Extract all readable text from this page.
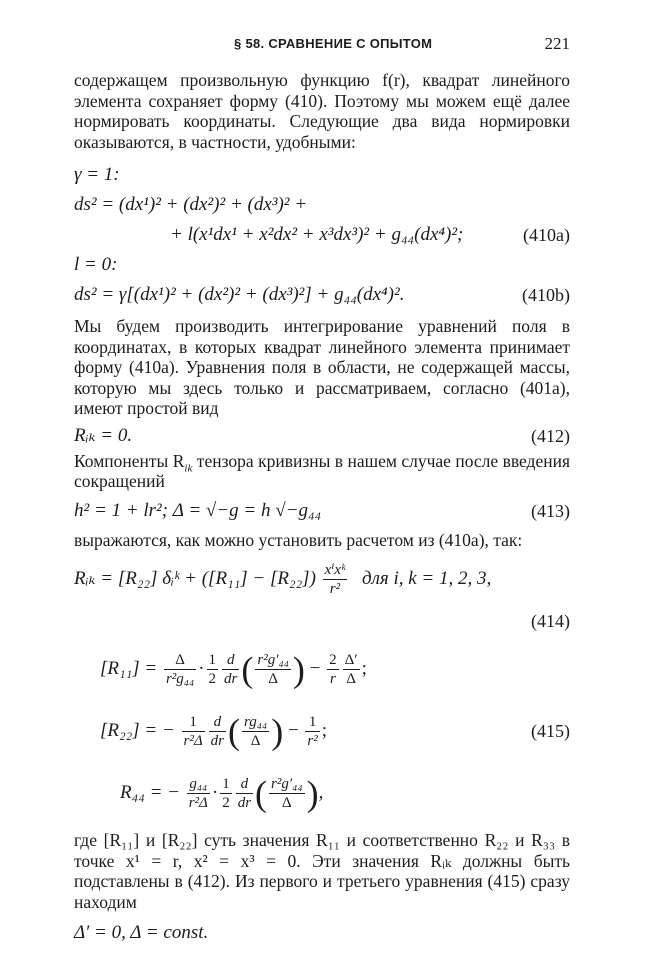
§ 58. СРАВНЕНИЕ С ОПЫТОМ	221

содержащем произвольную функцию f(r), квадрат линейного элемента сохраняет форму (410). Поэтому мы можем ещё далее нормировать координаты. Следующие два вида нормировки оказываются, в частности, удобными:

γ = 1:
ds² = (dx¹)² + (dx²)² + (dx³)² +
+ l(x¹dx¹ + x²dx² + x³dx³)² + g₄₄(dx⁴)²;	(410a)
l = 0:
ds² = γ[(dx¹)² + (dx²)² + (dx³)²] + g₄₄(dx⁴)².	(410b)

Мы будем производить интегрирование уравнений поля в координатах, в которых квадрат линейного элемента принимает форму (410a). Уравнения поля в области, не содержащей массы, которую мы здесь только и рассматриваем, согласно (401a), имеют простой вид

Rᵢₖ = 0.	(412)

Компоненты $R_{ik}$ тензора кривизны в нашем случае после введения сокращений

h² = 1 + lr²; Δ = √−g = h √−g₄₄	(413)

выражаются, как можно установить расчетом из (410a), так:

Rᵢₖ = [R₂₂] δᵢᵏ + $([R_{11}] - [R_{22}]) \frac{\text{xⁱxᵏ}}{\text{r²}}$ для i, k = 1, 2, 3,
(414)
$[R_{11}] = \frac{\Delta}{\text{r²g₄₄}} \cdot \frac{1}{2} \frac{d}{dr}$ ( $\frac{\text{r²g′₄₄}}{\Delta}$ ) − $\frac{2}{r} \frac{\Delta'}{\Delta}$ ;
[R₂₂] = − $\frac{1}{\text{r²Δ}} \frac{d}{dr}$ ( $\frac{\text{rg₄₄}}{\Delta}$ ) − $\frac{1}{\text{r²}}$ ;	(415)
R₄₄ = − $\frac{\text{g₄₄}}{\text{r²Δ}} \cdot \frac{1}{2} \frac{d}{dr}$ ( $\frac{\text{r²g′₄₄}}{\Delta}$ ),

где [R₁₁] и [R₂₂] суть значения R₁₁ и соответственно R₂₂ и R₃₃ в точке x¹ = r, x² = x³ = 0. Эти значения Rᵢₖ должны быть подставлены в (412). Из первого и третьего уравнения (415) сразу находим

Δ′ = 0, Δ = const.
